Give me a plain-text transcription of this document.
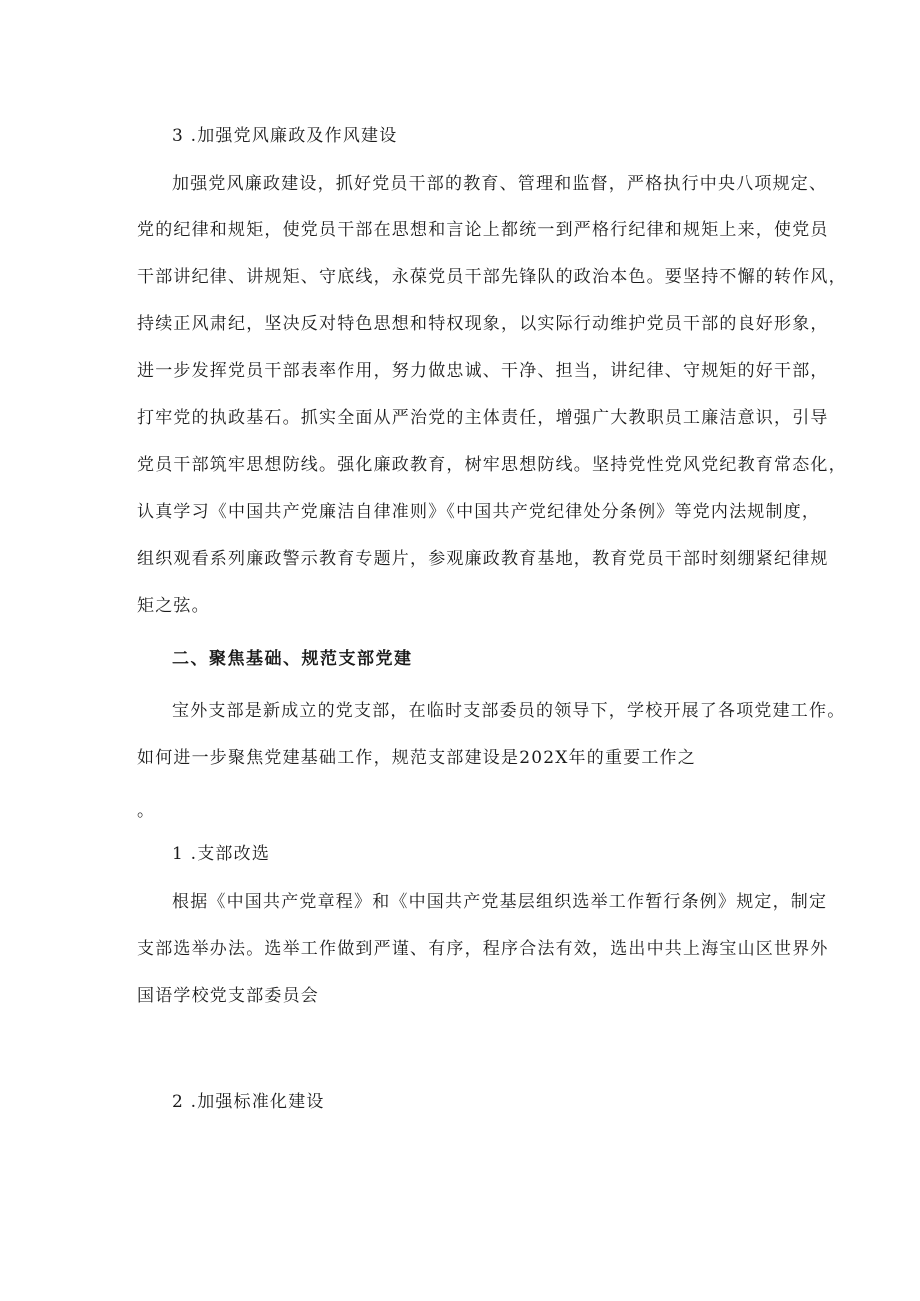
3 .加强党风廉政及作风建设
加强党风廉政建设，抓好党员干部的教育、管理和监督，严格执行中央八项规定、
党的纪律和规矩，使党员干部在思想和言论上都统一到严格行纪律和规矩上来，使党员
干部讲纪律、讲规矩、守底线，永葆党员干部先锋队的政治本色。要坚持不懈的转作风，
持续正风肃纪，坚决反对特色思想和特权现象，以实际行动维护党员干部的良好形象，
进一步发挥党员干部表率作用，努力做忠诚、干净、担当，讲纪律、守规矩的好干部，
打牢党的执政基石。抓实全面从严治党的主体责任，增强广大教职员工廉洁意识，引导
党员干部筑牢思想防线。强化廉政教育，树牢思想防线。坚持党性党风党纪教育常态化，
认真学习《中国共产党廉洁自律准则》《中国共产党纪律处分条例》等党内法规制度，
组织观看系列廉政警示教育专题片，参观廉政教育基地，教育党员干部时刻绷紧纪律规
矩之弦。
二、聚焦基础、规范支部党建
宝外支部是新成立的党支部，在临时支部委员的领导下，学校开展了各项党建工作。
如何进一步聚焦党建基础工作，规范支部建设是202X年的重要工作之
。
1 .支部改选
根据《中国共产党章程》和《中国共产党基层组织选举工作暂行条例》规定，制定
支部选举办法。选举工作做到严谨、有序，程序合法有效，选出中共上海宝山区世界外
国语学校党支部委员会
2 .加强标准化建设
